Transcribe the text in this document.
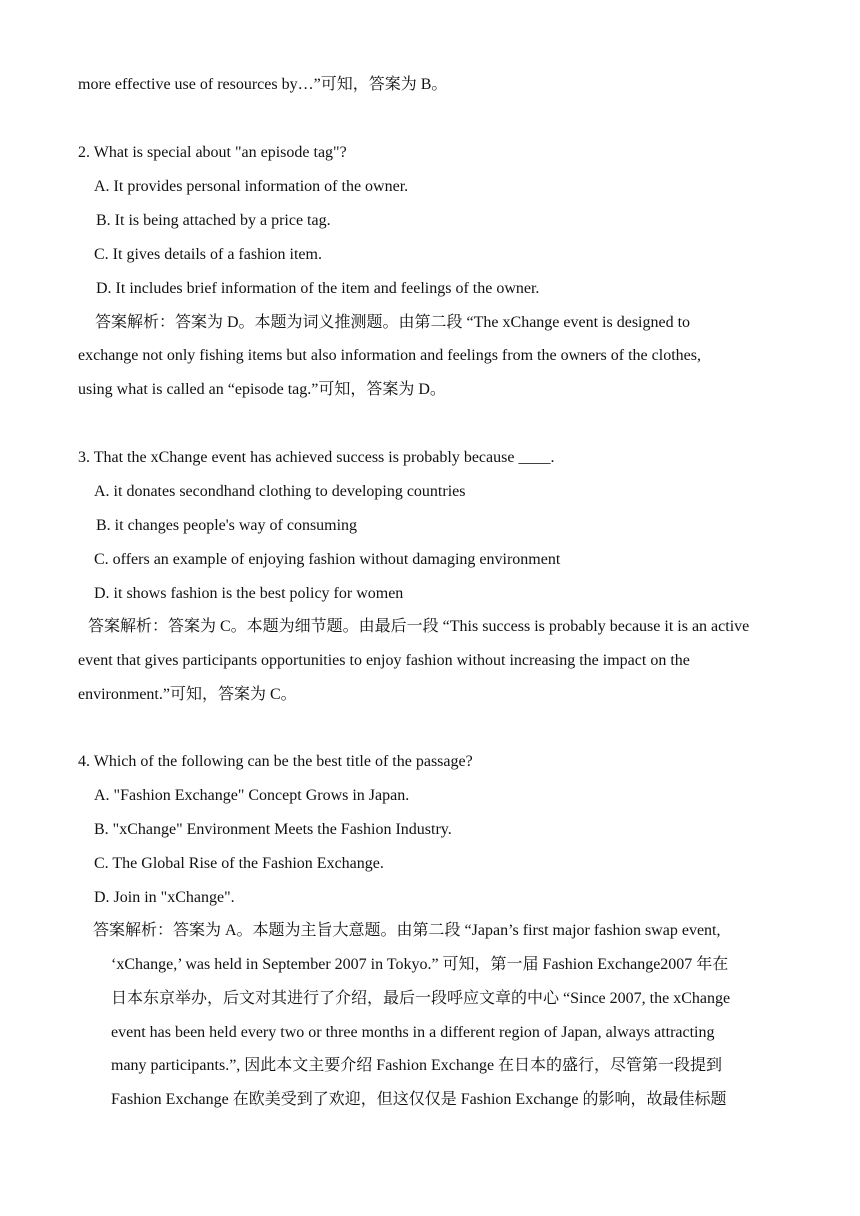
more effective use of resources by…”可知，答案为 B。
2. What is special about "an episode tag"?
A. It provides personal information of the owner.
B. It is being attached by a price tag.
C. It gives details of a fashion item.
D. It includes brief information of the item and feelings of the owner.
答案解析：答案为 D。本题为词义推测题。由第二段 “The xChange event is designed to
exchange not only fishing items but also information and feelings from the owners of the clothes,
using what is called an “episode tag.”可知，答案为 D。
3. That the xChange event has achieved success is probably because ____.
A. it donates secondhand clothing to developing countries
B. it changes people's way of consuming
C. offers an example of enjoying fashion without damaging environment
D. it shows fashion is the best policy for women
答案解析：答案为 C。本题为细节题。由最后一段 “This success is probably because it is an active
event that gives participants opportunities to enjoy fashion without increasing the impact on the
environment.”可知，答案为 C。
4. Which of the following can be the best title of the passage?
A. "Fashion Exchange" Concept Grows in Japan.
B. "xChange" Environment Meets the Fashion Industry.
C. The Global Rise of the Fashion Exchange.
D. Join in "xChange".
答案解析：答案为 A。本题为主旨大意题。由第二段 “Japan’s first major fashion swap event,
‘xChange,’ was held in September 2007 in Tokyo.” 可知，第一届 Fashion Exchange2007 年在
日本东京举办，后文对其进行了介绍，最后一段呼应文章的中心 “Since 2007, the xChange
event has been held every two or three months in a different region of Japan, always attracting
many participants.”, 因此本文主要介绍 Fashion Exchange 在日本的盛行，尽管第一段提到
Fashion Exchange 在欧美受到了欢迎，但这仅仅是 Fashion Exchange 的影响，故最佳标题
